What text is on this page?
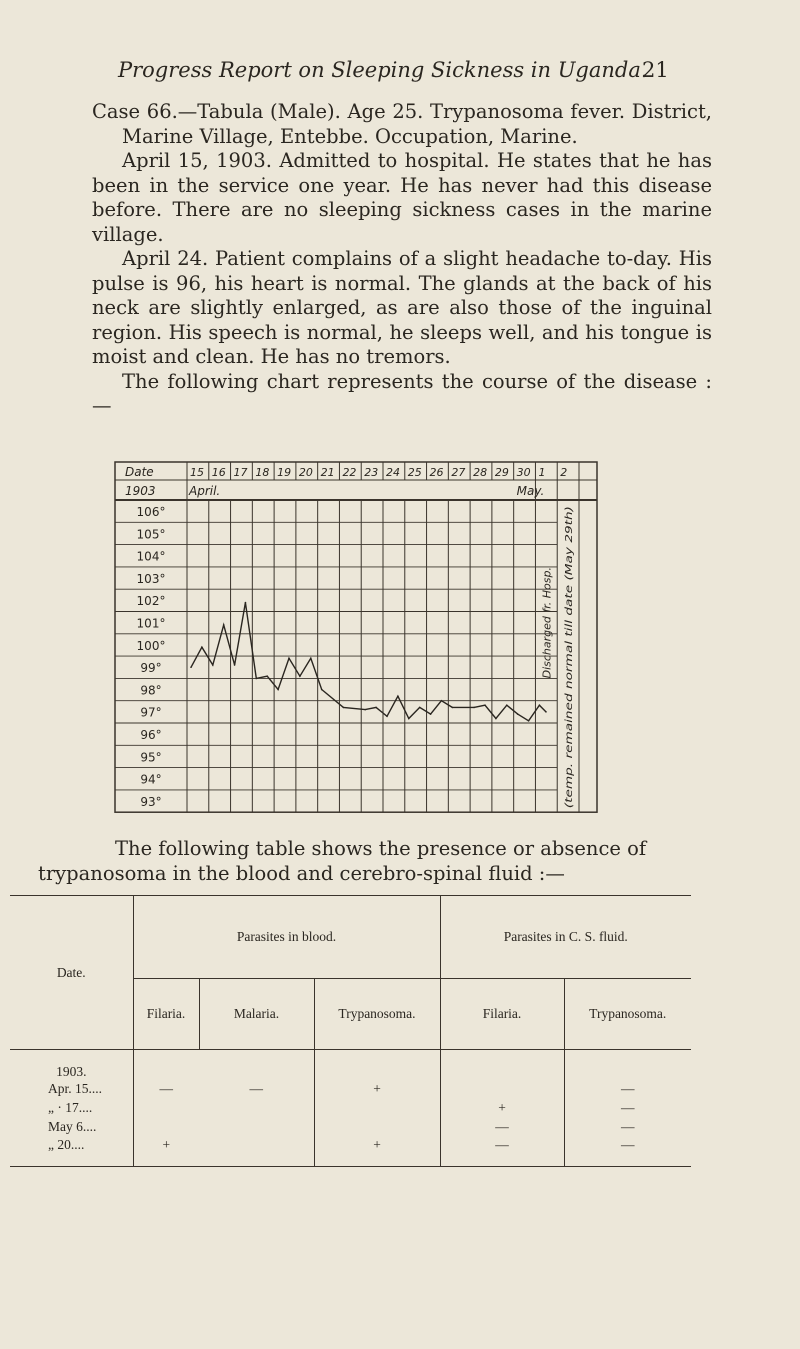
Progress Report on Sleeping Sickness in Uganda.
21

Case 66.—Tabula (Male). Age 25. Trypanosoma fever. District, Marine Village, Entebbe. Occupation, Marine.

April 15, 1903. Admitted to hospital. He states that he has been in the service one year. He has never had this disease before. There are no sleeping sickness cases in the marine village.

April 24. Patient complains of a slight headache to-day. His pulse is 96, his heart is normal. The glands at the back of his neck are slightly enlarged, as are also those of the inguinal region. His speech is normal, he sleeps well, and his tongue is moist and clean. He has no tremors.

The following chart represents the course of the disease :—

Date
1903
15 16 17 18 19 20 21 22 23 24 25 26 27 28 29 30 1 2
April.	May.
106°
105°
104°
103°
102°
101°
100°
99°
98°
97°
96°
95°
94°
93°
Discharged fr. Hosp. (temp. remained normal till date (May 29th)
The following table shows the presence or absence of trypanosoma in the blood and cerebro-spinal fluid :—
Date.	Parasites in blood.			Parasites in C. S. fluid.	
	Filaria.	Malaria.	Trypanosoma.	Filaria.	Trypanosoma.
1903.					
Apr. 15....	—	—	+		—
„ · 17....				+	—
May 6....				—	—
„ 20....	+		+	—	—
